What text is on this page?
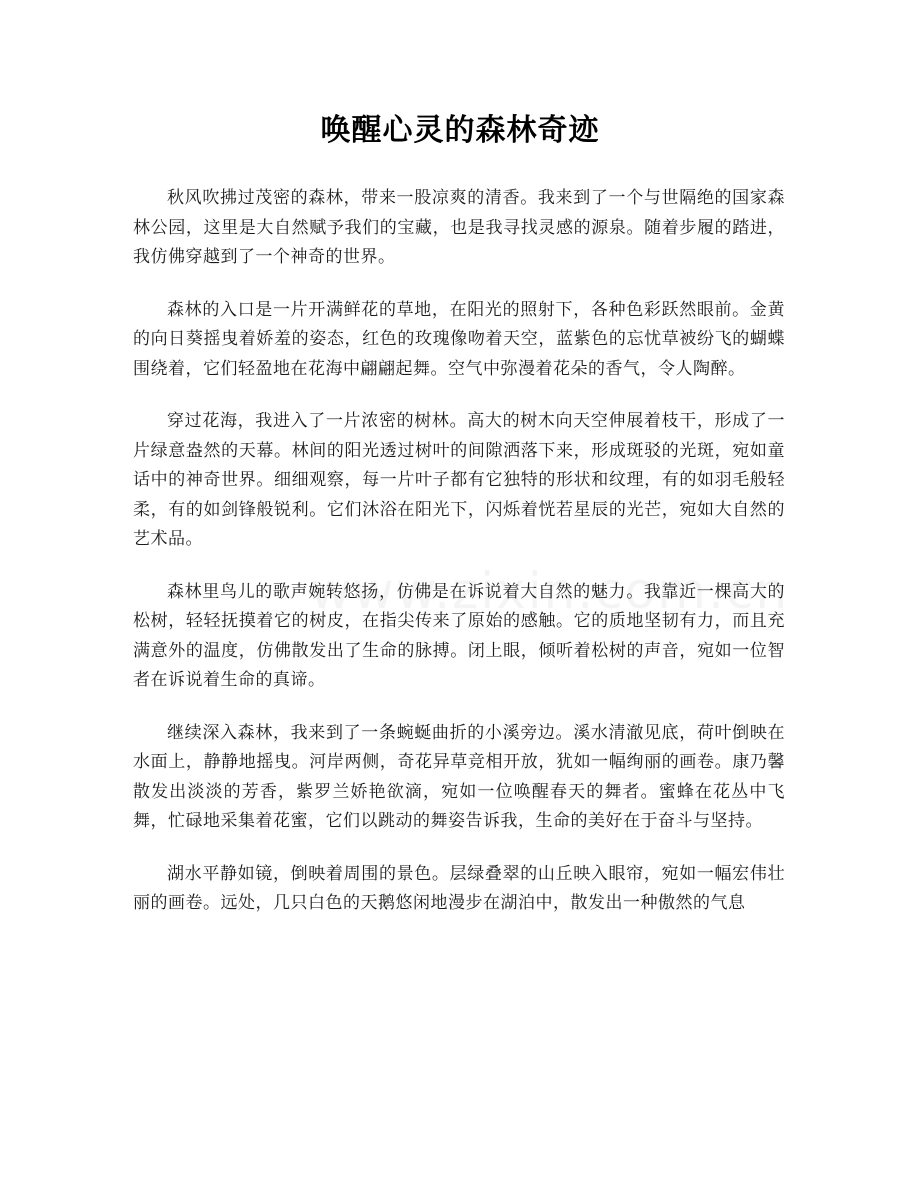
唤醒心灵的森林奇迹

秋风吹拂过茂密的森林，带来一股凉爽的清香。我来到了一个与世隔绝的国家森林公园，这里是大自然赋予我们的宝藏，也是我寻找灵感的源泉。随着步履的踏进，我仿佛穿越到了一个神奇的世界。

森林的入口是一片开满鲜花的草地，在阳光的照射下，各种色彩跃然眼前。金黄的向日葵摇曳着娇羞的姿态，红色的玫瑰像吻着天空，蓝紫色的忘忧草被纷飞的蝴蝶围绕着，它们轻盈地在花海中翩翩起舞。空气中弥漫着花朵的香气，令人陶醉。

穿过花海，我进入了一片浓密的树林。高大的树木向天空伸展着枝干，形成了一片绿意盎然的天幕。林间的阳光透过树叶的间隙洒落下来，形成斑驳的光斑，宛如童话中的神奇世界。细细观察，每一片叶子都有它独特的形状和纹理，有的如羽毛般轻柔，有的如剑锋般锐利。它们沐浴在阳光下，闪烁着恍若星辰的光芒，宛如大自然的艺术品。

森林里鸟儿的歌声婉转悠扬，仿佛是在诉说着大自然的魅力。我靠近一棵高大的松树，轻轻抚摸着它的树皮，在指尖传来了原始的感触。它的质地坚韧有力，而且充满意外的温度，仿佛散发出了生命的脉搏。闭上眼，倾听着松树的声音，宛如一位智者在诉说着生命的真谛。

继续深入森林，我来到了一条蜿蜒曲折的小溪旁边。溪水清澈见底，荷叶倒映在水面上，静静地摇曳。河岸两侧，奇花异草竞相开放，犹如一幅绚丽的画卷。康乃馨散发出淡淡的芳香，紫罗兰娇艳欲滴，宛如一位唤醒春天的舞者。蜜蜂在花丛中飞舞，忙碌地采集着花蜜，它们以跳动的舞姿告诉我，生命的美好在于奋斗与坚持。

湖水平静如镜，倒映着周围的景色。层绿叠翠的山丘映入眼帘，宛如一幅宏伟壮丽的画卷。远处，几只白色的天鹅悠闲地漫步在湖泊中，散发出一种傲然的气息
